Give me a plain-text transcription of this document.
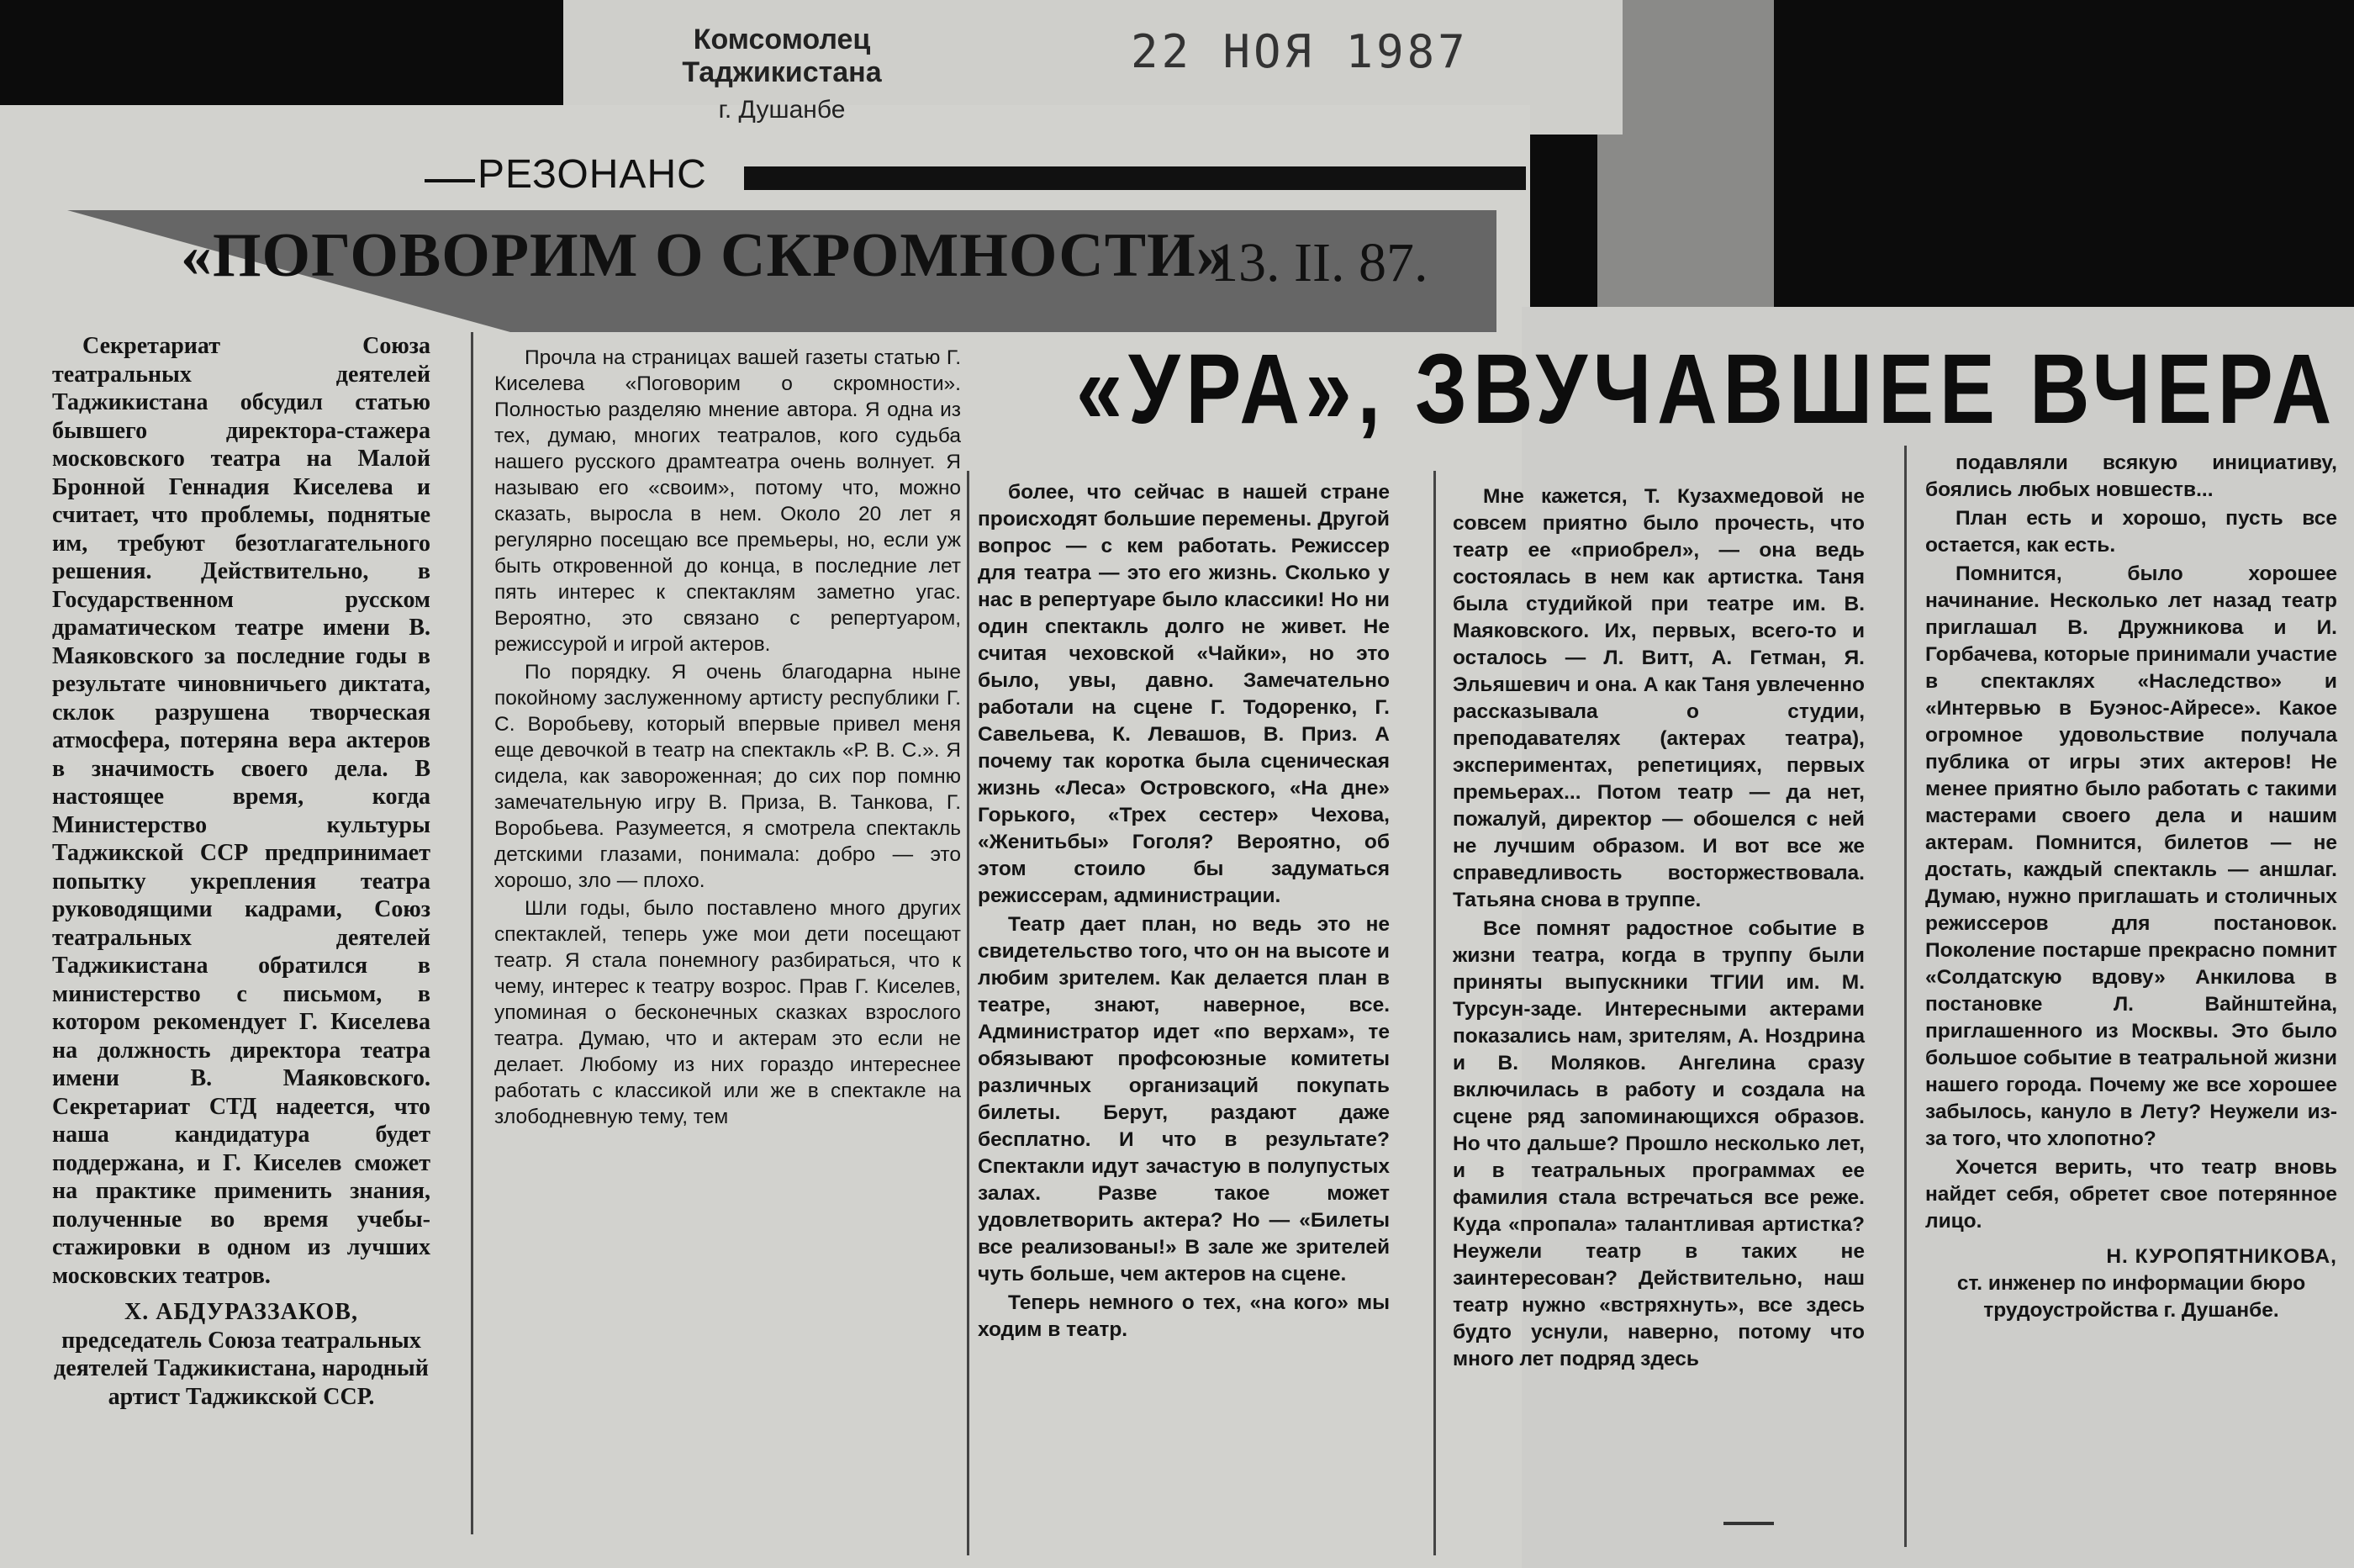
Комсомолец Таджикистана
г. Душанбе
22 НОЯ 1987
РЕЗОНАНС
«ПОГОВОРИМ О СКРОМНОСТИ»
13. II. 87.
«УРА», ЗВУЧАВШЕЕ ВЧЕРА

Секретариат Союза театральных деятелей Таджикистана обсудил статью бывшего директора-стажера московского театра на Малой Бронной Геннадия Киселева и считает, что проблемы, поднятые им, требуют безотлагательного решения. Действительно, в Государственном русском драматическом театре имени В. Маяковского за последние годы в результате чиновничьего диктата, склок разрушена творческая атмосфера, потеряна вера актеров в значимость своего дела. В настоящее время, когда Министерство культуры Таджикской ССР предпринимает попытку укрепления театра руководящими кадрами, Союз театральных деятелей Таджикистана обратился в министерство с письмом, в котором рекомендует Г. Киселева на должность директора театра имени В. Маяковского. Секретариат СТД надеется, что наша кандидатура будет поддержана, и Г. Киселев сможет на практике применить знания, полученные во время учебы-стажировки в одном из лучших московских театров.

Х. АБДУРАЗЗАКОВ,
председатель Союза театральных деятелей Таджикистана, народный артист Таджикской ССР.

Прочла на страницах вашей газеты статью Г. Киселева «Поговорим о скромности». Полностью разделяю мнение автора. Я одна из тех, думаю, многих театралов, кого судьба нашего русского драмтеатра очень волнует. Я называю его «своим», потому что, можно сказать, выросла в нем. Около 20 лет я регулярно посещаю все премьеры, но, если уж быть откровенной до конца, в последние лет пять интерес к спектаклям заметно угас. Вероятно, это связано с репертуаром, режиссурой и игрой актеров.

По порядку. Я очень благодарна ныне покойному заслуженному артисту республики Г. С. Воробьеву, который впервые привел меня еще девочкой в театр на спектакль «Р. В. С.». Я сидела, как завороженная; до сих пор помню замечательную игру В. Приза, В. Танкова, Г. Воробьева. Разумеется, я смотрела спектакль детскими глазами, понимала: добро — это хорошо, зло — плохо.

Шли годы, было поставлено много других спектаклей, теперь уже мои дети посещают театр. Я стала понемногу разбираться, что к чему, интерес к театру возрос. Прав Г. Киселев, упоминая о бесконечных сказках взрослого театра. Думаю, что и актерам это если не делает. Любому из них гораздо интереснее работать с классикой или же в спектакле на злободневную тему, тем

более, что сейчас в нашей стране происходят большие перемены. Другой вопрос — с кем работать. Режиссер для театра — это его жизнь. Сколько у нас в репертуаре было классики! Но ни один спектакль долго не живет. Не считая чеховской «Чайки», но это было, увы, давно. Замечательно работали на сцене Г. Тодоренко, Г. Савельева, К. Левашов, В. Приз. А почему так коротка была сценическая жизнь «Леса» Островского, «На дне» Горького, «Трех сестер» Чехова, «Женитьбы» Гоголя? Вероятно, об этом стоило бы задуматься режиссерам, администрации.

Театр дает план, но ведь это не свидетельство того, что он на высоте и любим зрителем. Как делается план в театре, знают, наверное, все. Администратор идет «по верхам», те обязывают профсоюзные комитеты различных организаций покупать билеты. Берут, раздают даже бесплатно. И что в результате? Спектакли идут зачастую в полупустых залах. Разве такое может удовлетворить актера? Но — «Билеты все реализованы!» В зале же зрителей чуть больше, чем актеров на сцене.

Теперь немного о тех, «на кого» мы ходим в театр.

Мне кажется, Т. Кузахмедовой не совсем приятно было прочесть, что театр ее «приобрел», — она ведь состоялась в нем как артистка. Таня была студийкой при театре им. В. Маяковского. Их, первых, всего-то и осталось — Л. Витт, А. Гетман, Я. Эльяшевич и она. А как Таня увлеченно рассказывала о студии, преподавателях (актерах театра), экспериментах, репетициях, первых премьерах... Потом театр — да нет, пожалуй, директор — обошелся с ней не лучшим образом. И вот все же справедливость восторжествовала. Татьяна снова в труппе.

Все помнят радостное событие в жизни театра, когда в труппу были приняты выпускники ТГИИ им. М. Турсун-заде. Интересными актерами показались нам, зрителям, А. Ноздрина и В. Моляков. Ангелина сразу включилась в работу и создала на сцене ряд запоминающихся образов. Но что дальше? Прошло несколько лет, и в театральных программах ее фамилия стала встречаться все реже. Куда «пропала» талантливая артистка? Неужели театр в таких не заинтересован? Действительно, наш театр нужно «встряхнуть», все здесь будто уснули, наверно, потому что много лет подряд здесь

подавляли всякую инициативу, боялись любых новшеств...

План есть и хорошо, пусть все остается, как есть.

Помнится, было хорошее начинание. Несколько лет назад театр приглашал В. Дружникова и И. Горбачева, которые принимали участие в спектаклях «Наследство» и «Интервью в Буэнос-Айресе». Какое огромное удовольствие получала публика от игры этих актеров! Не менее приятно было работать с такими мастерами своего дела и нашим актерам. Помнится, билетов — не достать, каждый спектакль — аншлаг. Думаю, нужно приглашать и столичных режиссеров для постановок. Поколение постарше прекрасно помнит «Солдатскую вдову» Анкилова в постановке Л. Вайнштейна, приглашенного из Москвы. Это было большое событие в театральной жизни нашего города. Почему же все хорошее забылось, кануло в Лету? Неужели из-за того, что хлопотно?

Хочется верить, что театр вновь найдет себя, обретет свое потерянное лицо.

Н. КУРОПЯТНИКОВА,
ст. инженер по информации бюро трудоустройства г. Душанбе.
